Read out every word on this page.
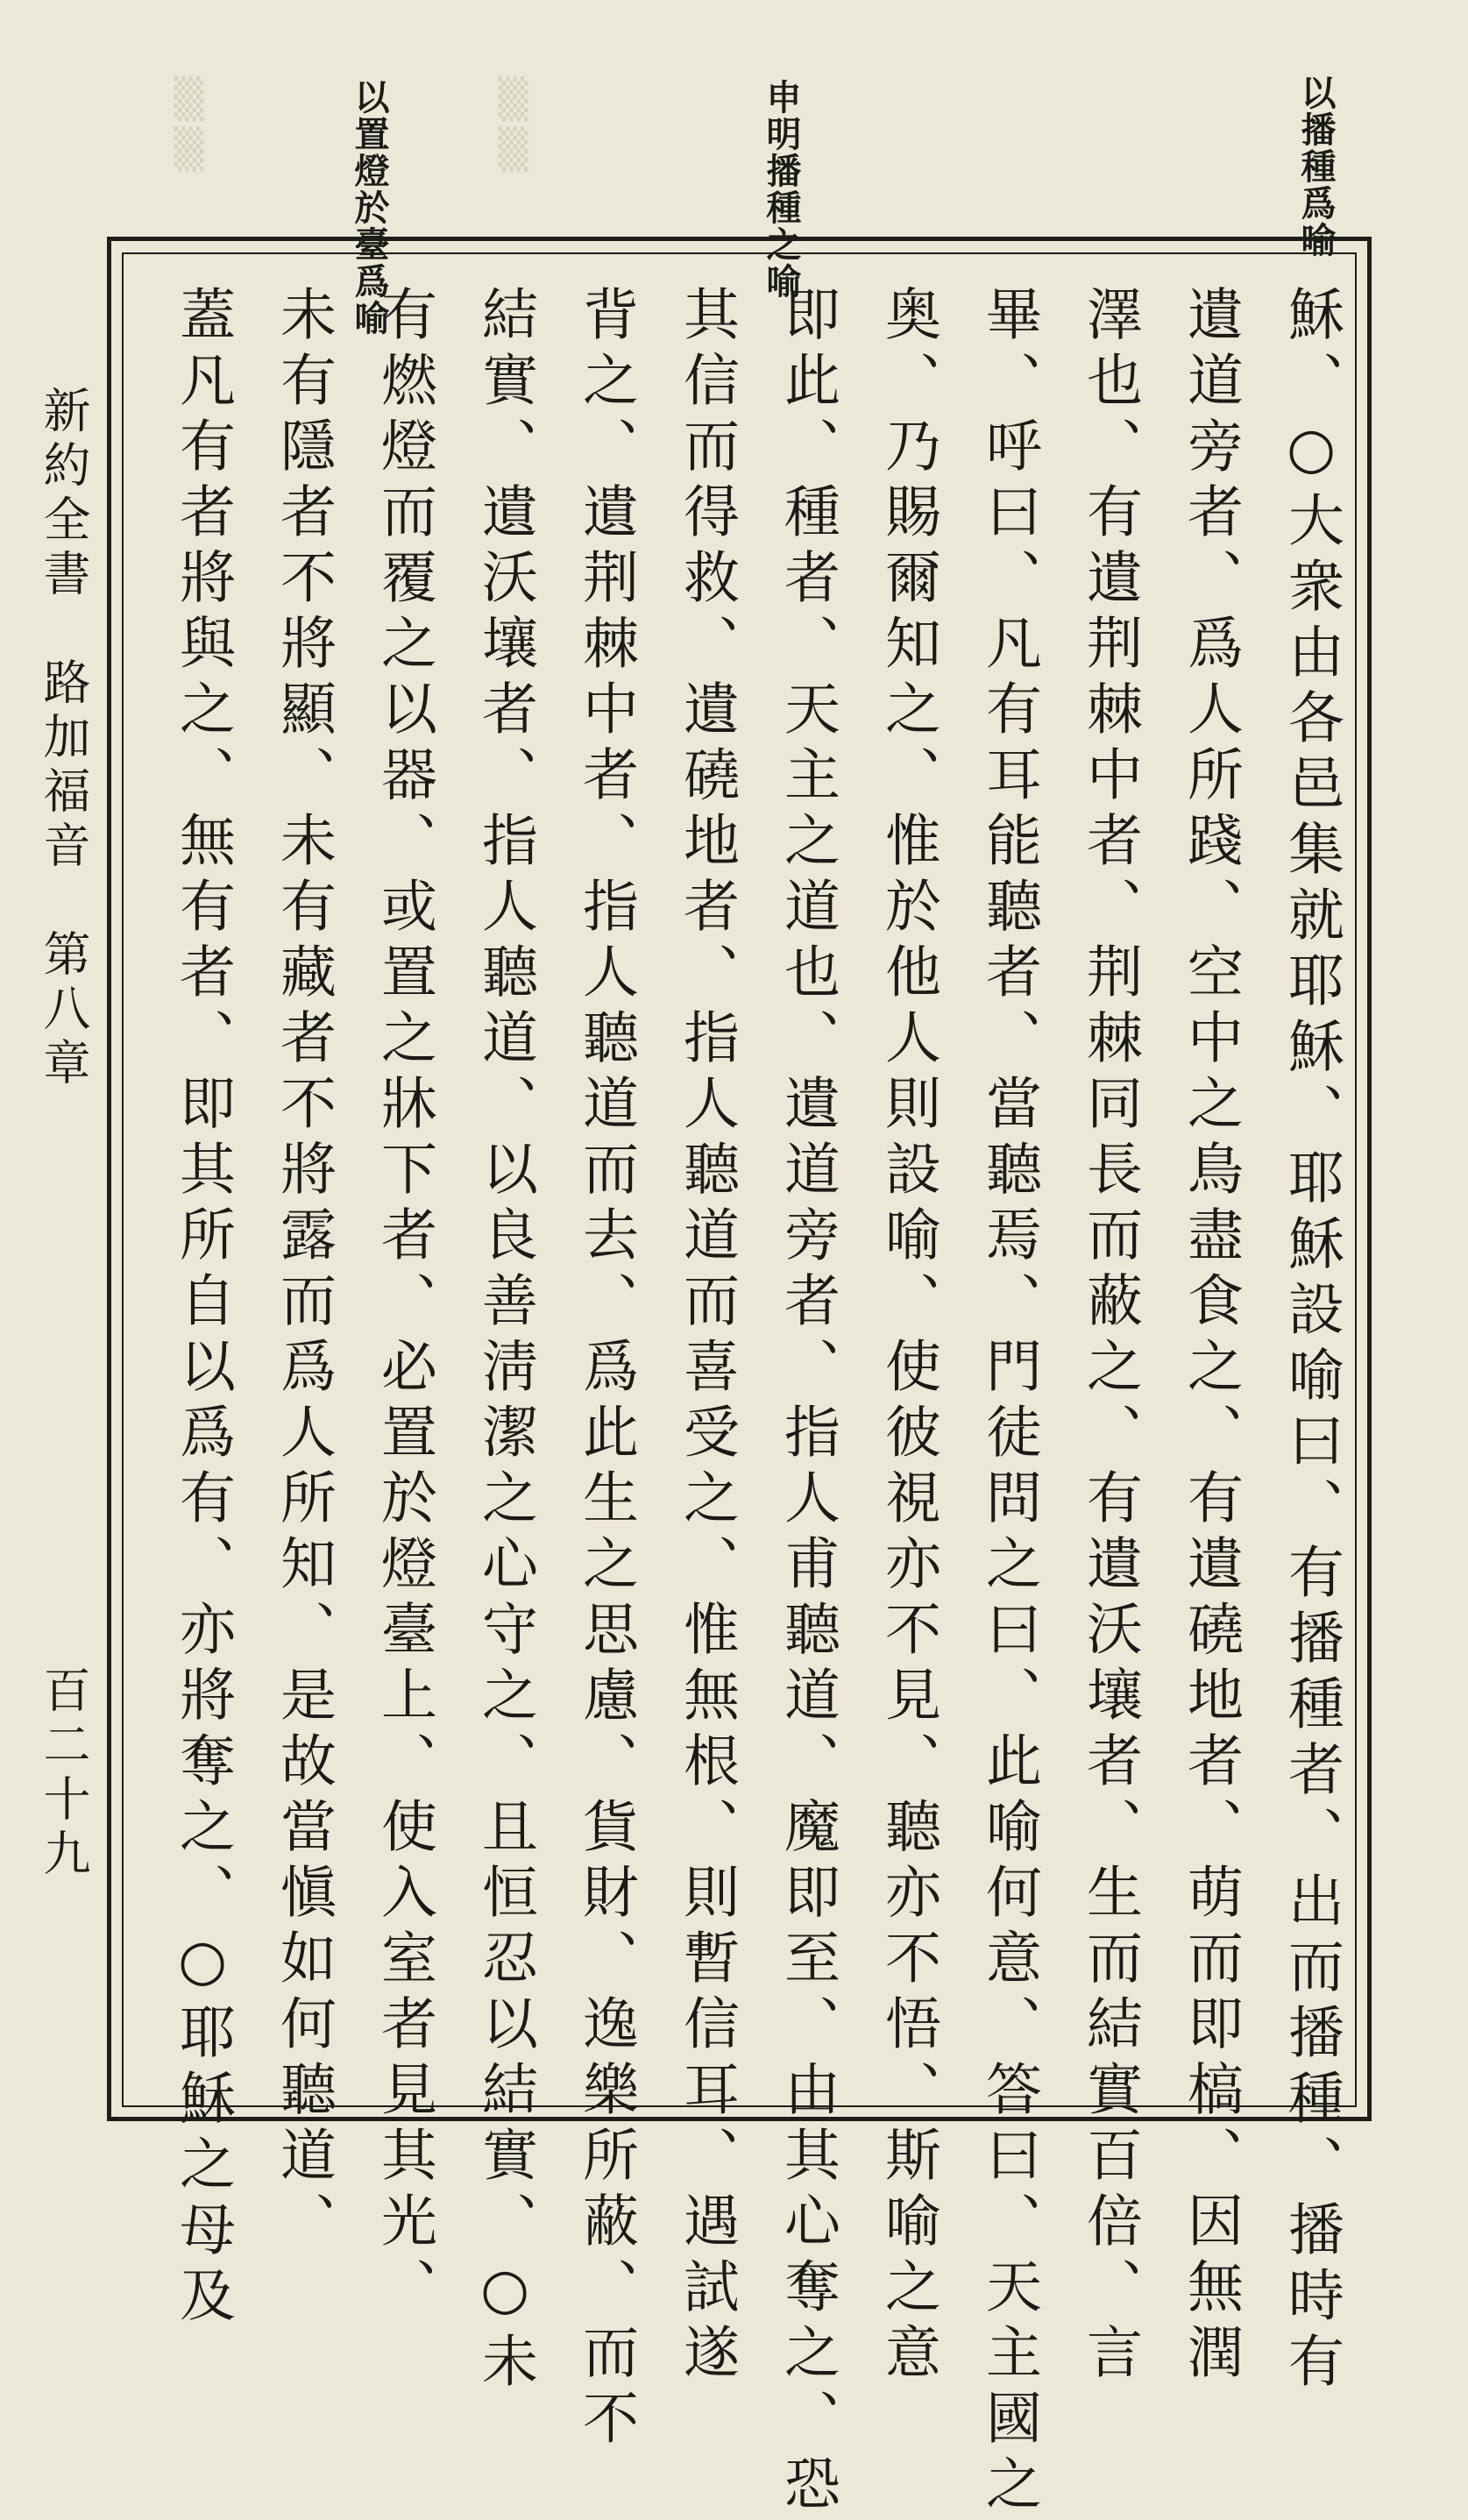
以播種爲喻
申明播種之喻
以置燈於臺爲喻
▒▒	▒▒
穌、○大衆由各邑集就耶穌、耶穌設喻曰、有播種者、出而播種、播時有
遺道旁者、爲人所踐、空中之鳥盡食之、有遺磽地者、萌而即槁、因無潤
澤也、有遺荆棘中者、荆棘同長而蔽之、有遺沃壤者、生而結實百倍、言
畢、呼曰、凡有耳能聽者、當聽焉、門徒問之曰、此喻何意、答曰、天主國之
奥、乃賜爾知之、惟於他人則設喻、使彼視亦不見、聽亦不悟、斯喻之意
即此、種者、天主之道也、遺道旁者、指人甫聽道、魔即至、由其心奪之、恐
其信而得救、遺磽地者、指人聽道而喜受之、惟無根、則暫信耳、遇試遂
背之、遺荆棘中者、指人聽道而去、爲此生之思慮、貨財、逸樂所蔽、而不
結實、遺沃壤者、指人聽道、以良善淸潔之心守之、且恒忍以結實、○未
有燃燈而覆之以器、或置之牀下者、必置於燈臺上、使入室者見其光、
未有隱者不將顯、未有藏者不將露而爲人所知、是故當愼如何聽道、
蓋凡有者將與之、無有者、即其所自以爲有、亦將奪之、○耶穌之母及
新約全書　路加福音　第八章
百二十九
